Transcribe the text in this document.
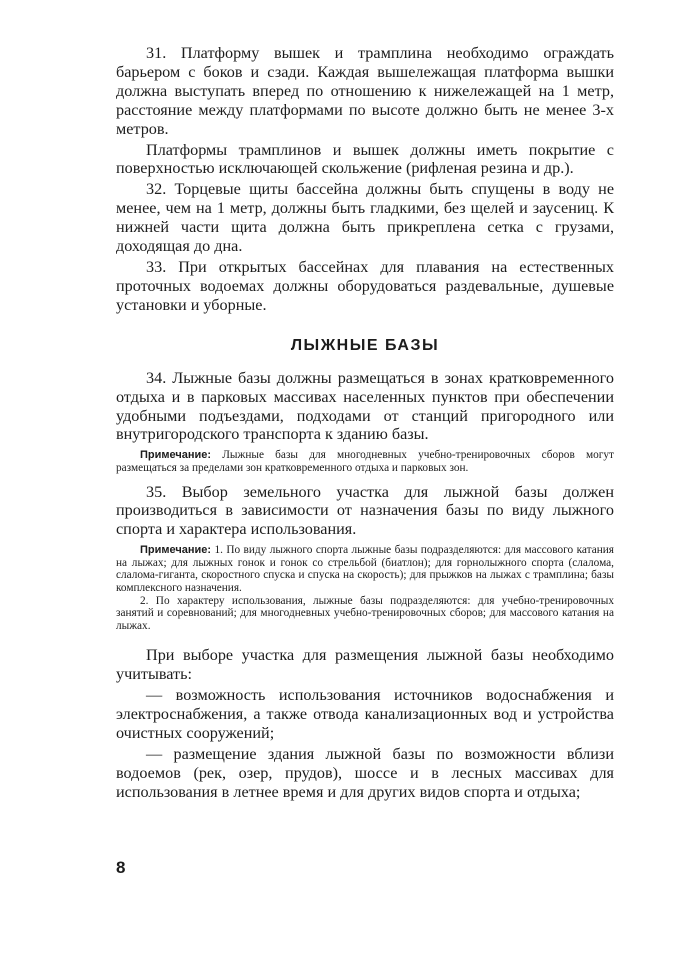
31. Платформу вышек и трамплина необходимо ограждать барьером с боков и сзади. Каждая вышележащая платформа вышки должна выступать вперед по отношению к нижележащей на 1 метр, расстояние между платформами по высоте должно быть не менее 3-х метров.

Платформы трамплинов и вышек должны иметь покрытие с поверхностью исключающей скольжение (рифленая резина и др.).

32. Торцевые щиты бассейна должны быть спущены в воду не менее, чем на 1 метр, должны быть гладкими, без щелей и заусениц. К нижней части щита должна быть прикреплена сетка с грузами, доходящая до дна.

33. При открытых бассейнах для плавания на естественных проточных водоемах должны оборудоваться раздевальные, душевые установки и уборные.

ЛЫЖНЫЕ БАЗЫ

34. Лыжные базы должны размещаться в зонах кратковременного отдыха и в парковых массивах населенных пунктов при обеспечении удобными подъездами, подходами от станций пригородного или внутригородского транспорта к зданию базы.

Примечание: Лыжные базы для многодневных учебно-тренировочных сборов могут размещаться за пределами зон кратковременного отдыха и парковых зон.

35. Выбор земельного участка для лыжной базы должен производиться в зависимости от назначения базы по виду лыжного спорта и характера использования.

Примечание: 1. По виду лыжного спорта лыжные базы подразделяются: для массового катания на лыжах; для лыжных гонок и гонок со стрельбой (биатлон); для горнолыжного спорта (слалома, слалома-гиганта, скоростного спуска и спуска на скорость); для прыжков на лыжах с трамплина; базы комплексного назначения.

2. По характеру использования, лыжные базы подразделяются: для учебно-тренировочных занятий и соревнований; для многодневных учебно-тренировочных сборов; для массового катания на лыжах.

При выборе участка для размещения лыжной базы необходимо учитывать:

— возможность использования источников водоснабжения и электроснабжения, а также отвода канализационных вод и устройства очистных сооружений;

— размещение здания лыжной базы по возможности вблизи водоемов (рек, озер, прудов), шоссе и в лесных массивах для использования в летнее время и для других видов спорта и отдыха;

8
